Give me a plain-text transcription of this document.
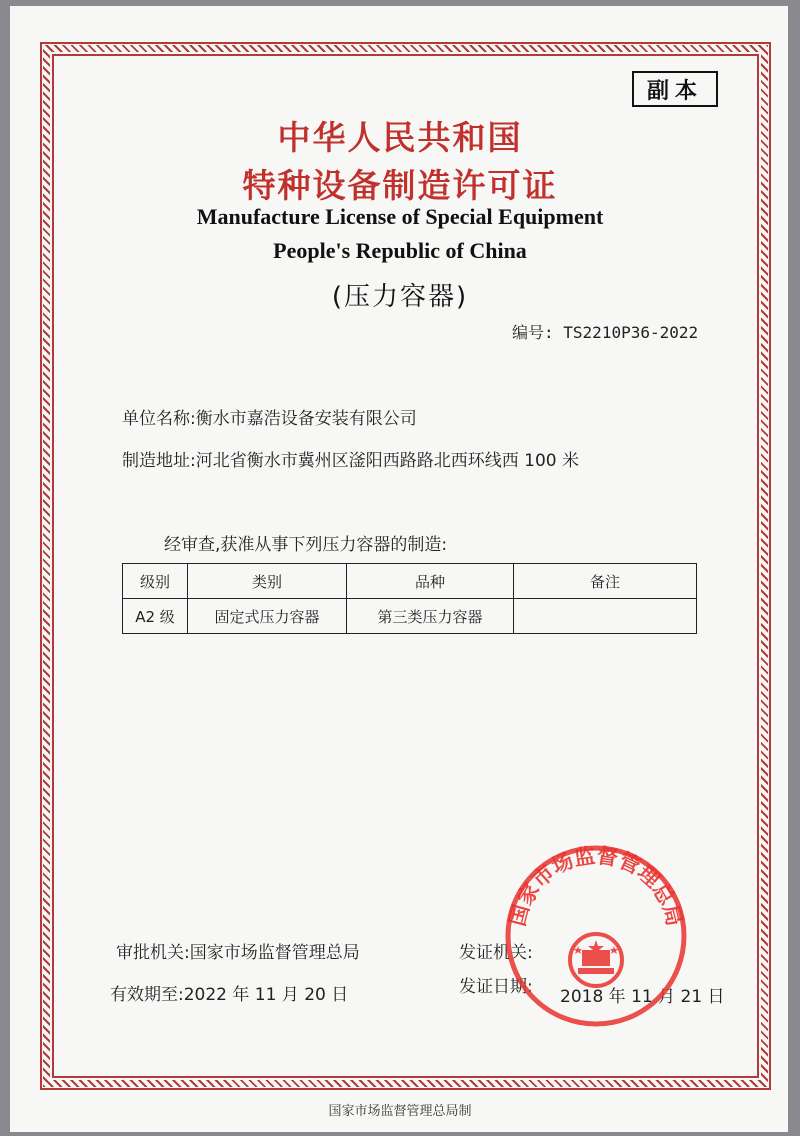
副本
中华人民共和国
特种设备制造许可证
Manufacture License of Special Equipment
People's Republic of China
(压力容器)
编号: TS2210P36-2022
单位名称:衡水市嘉浩设备安装有限公司
制造地址:河北省衡水市冀州区滏阳西路路北西环线西 100 米
经审查,获准从事下列压力容器的制造:
级别	类别	品种	备注
A2 级	固定式压力容器	第三类压力容器	
审批机关:国家市场监督管理总局
有效期至:2022 年 11 月 20 日
发证机关:
发证日期: 2018 年 11 月 21 日
国家市场监督管理总局
国家市场监督管理总局制
